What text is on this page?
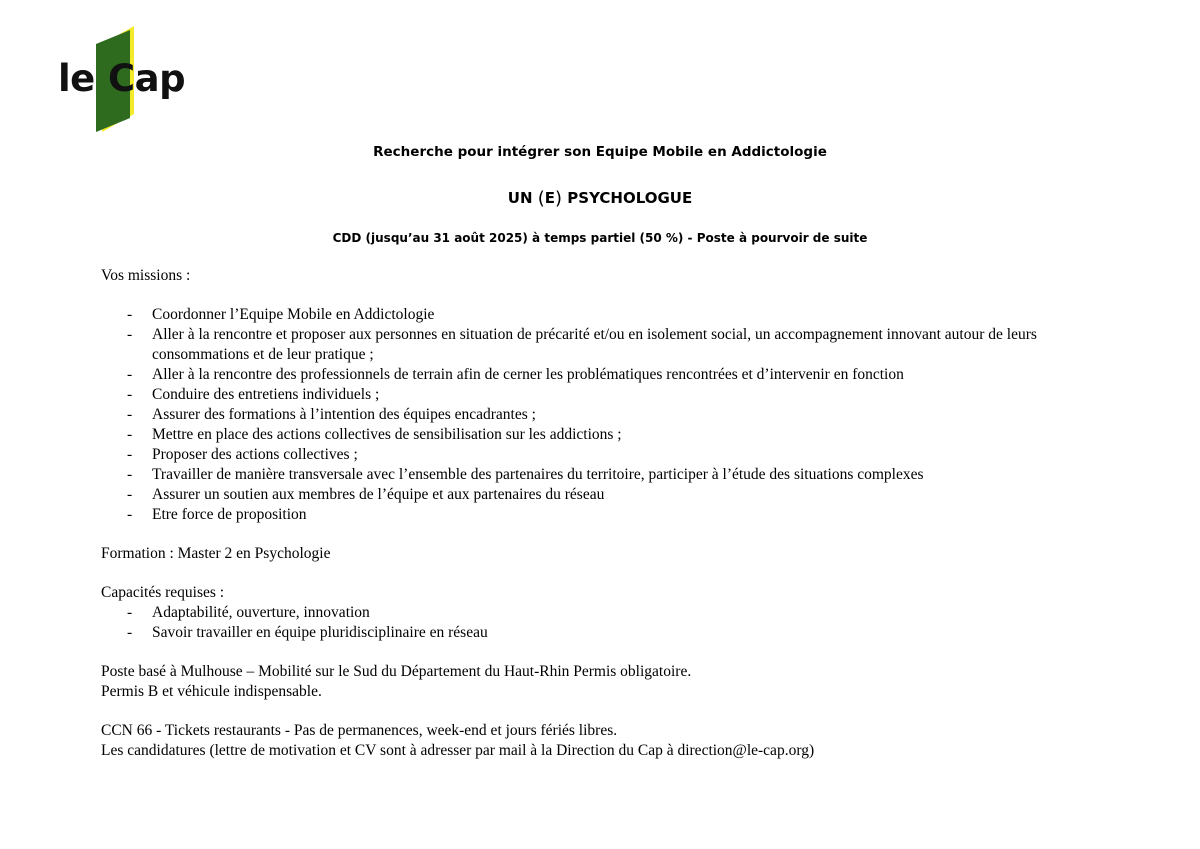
le Cap
Recherche pour intégrer son Equipe Mobile en Addictologie
UN (E) PSYCHOLOGUE
CDD (jusqu’au 31 août 2025) à temps partiel (50 %) - Poste à pourvoir de suite

Vos missions :

- Coordonner l’Equipe Mobile en Addictologie
- Aller à la rencontre et proposer aux personnes en situation de précarité et/ou en isolement social, un accompagnement innovant autour de leurs consommations et de leur pratique ;
- Aller à la rencontre des professionnels de terrain afin de cerner les problématiques rencontrées et d’intervenir en fonction
- Conduire des entretiens individuels ;
- Assurer des formations à l’intention des équipes encadrantes ;
- Mettre en place des actions collectives de sensibilisation sur les addictions ;
- Proposer des actions collectives ;
- Travailler de manière transversale avec l’ensemble des partenaires du territoire, participer à l’étude des situations complexes
- Assurer un soutien aux membres de l’équipe et aux partenaires du réseau
- Etre force de proposition

Formation : Master 2 en Psychologie

Capacités requises :

- Adaptabilité, ouverture, innovation
- Savoir travailler en équipe pluridisciplinaire en réseau

Poste basé à Mulhouse – Mobilité sur le Sud du Département du Haut-Rhin Permis obligatoire.

Permis B et véhicule indispensable.

CCN 66 - Tickets restaurants - Pas de permanences, week-end et jours fériés libres.

Les candidatures (lettre de motivation et CV sont à adresser par mail à la Direction du Cap à direction@le-cap.org)
